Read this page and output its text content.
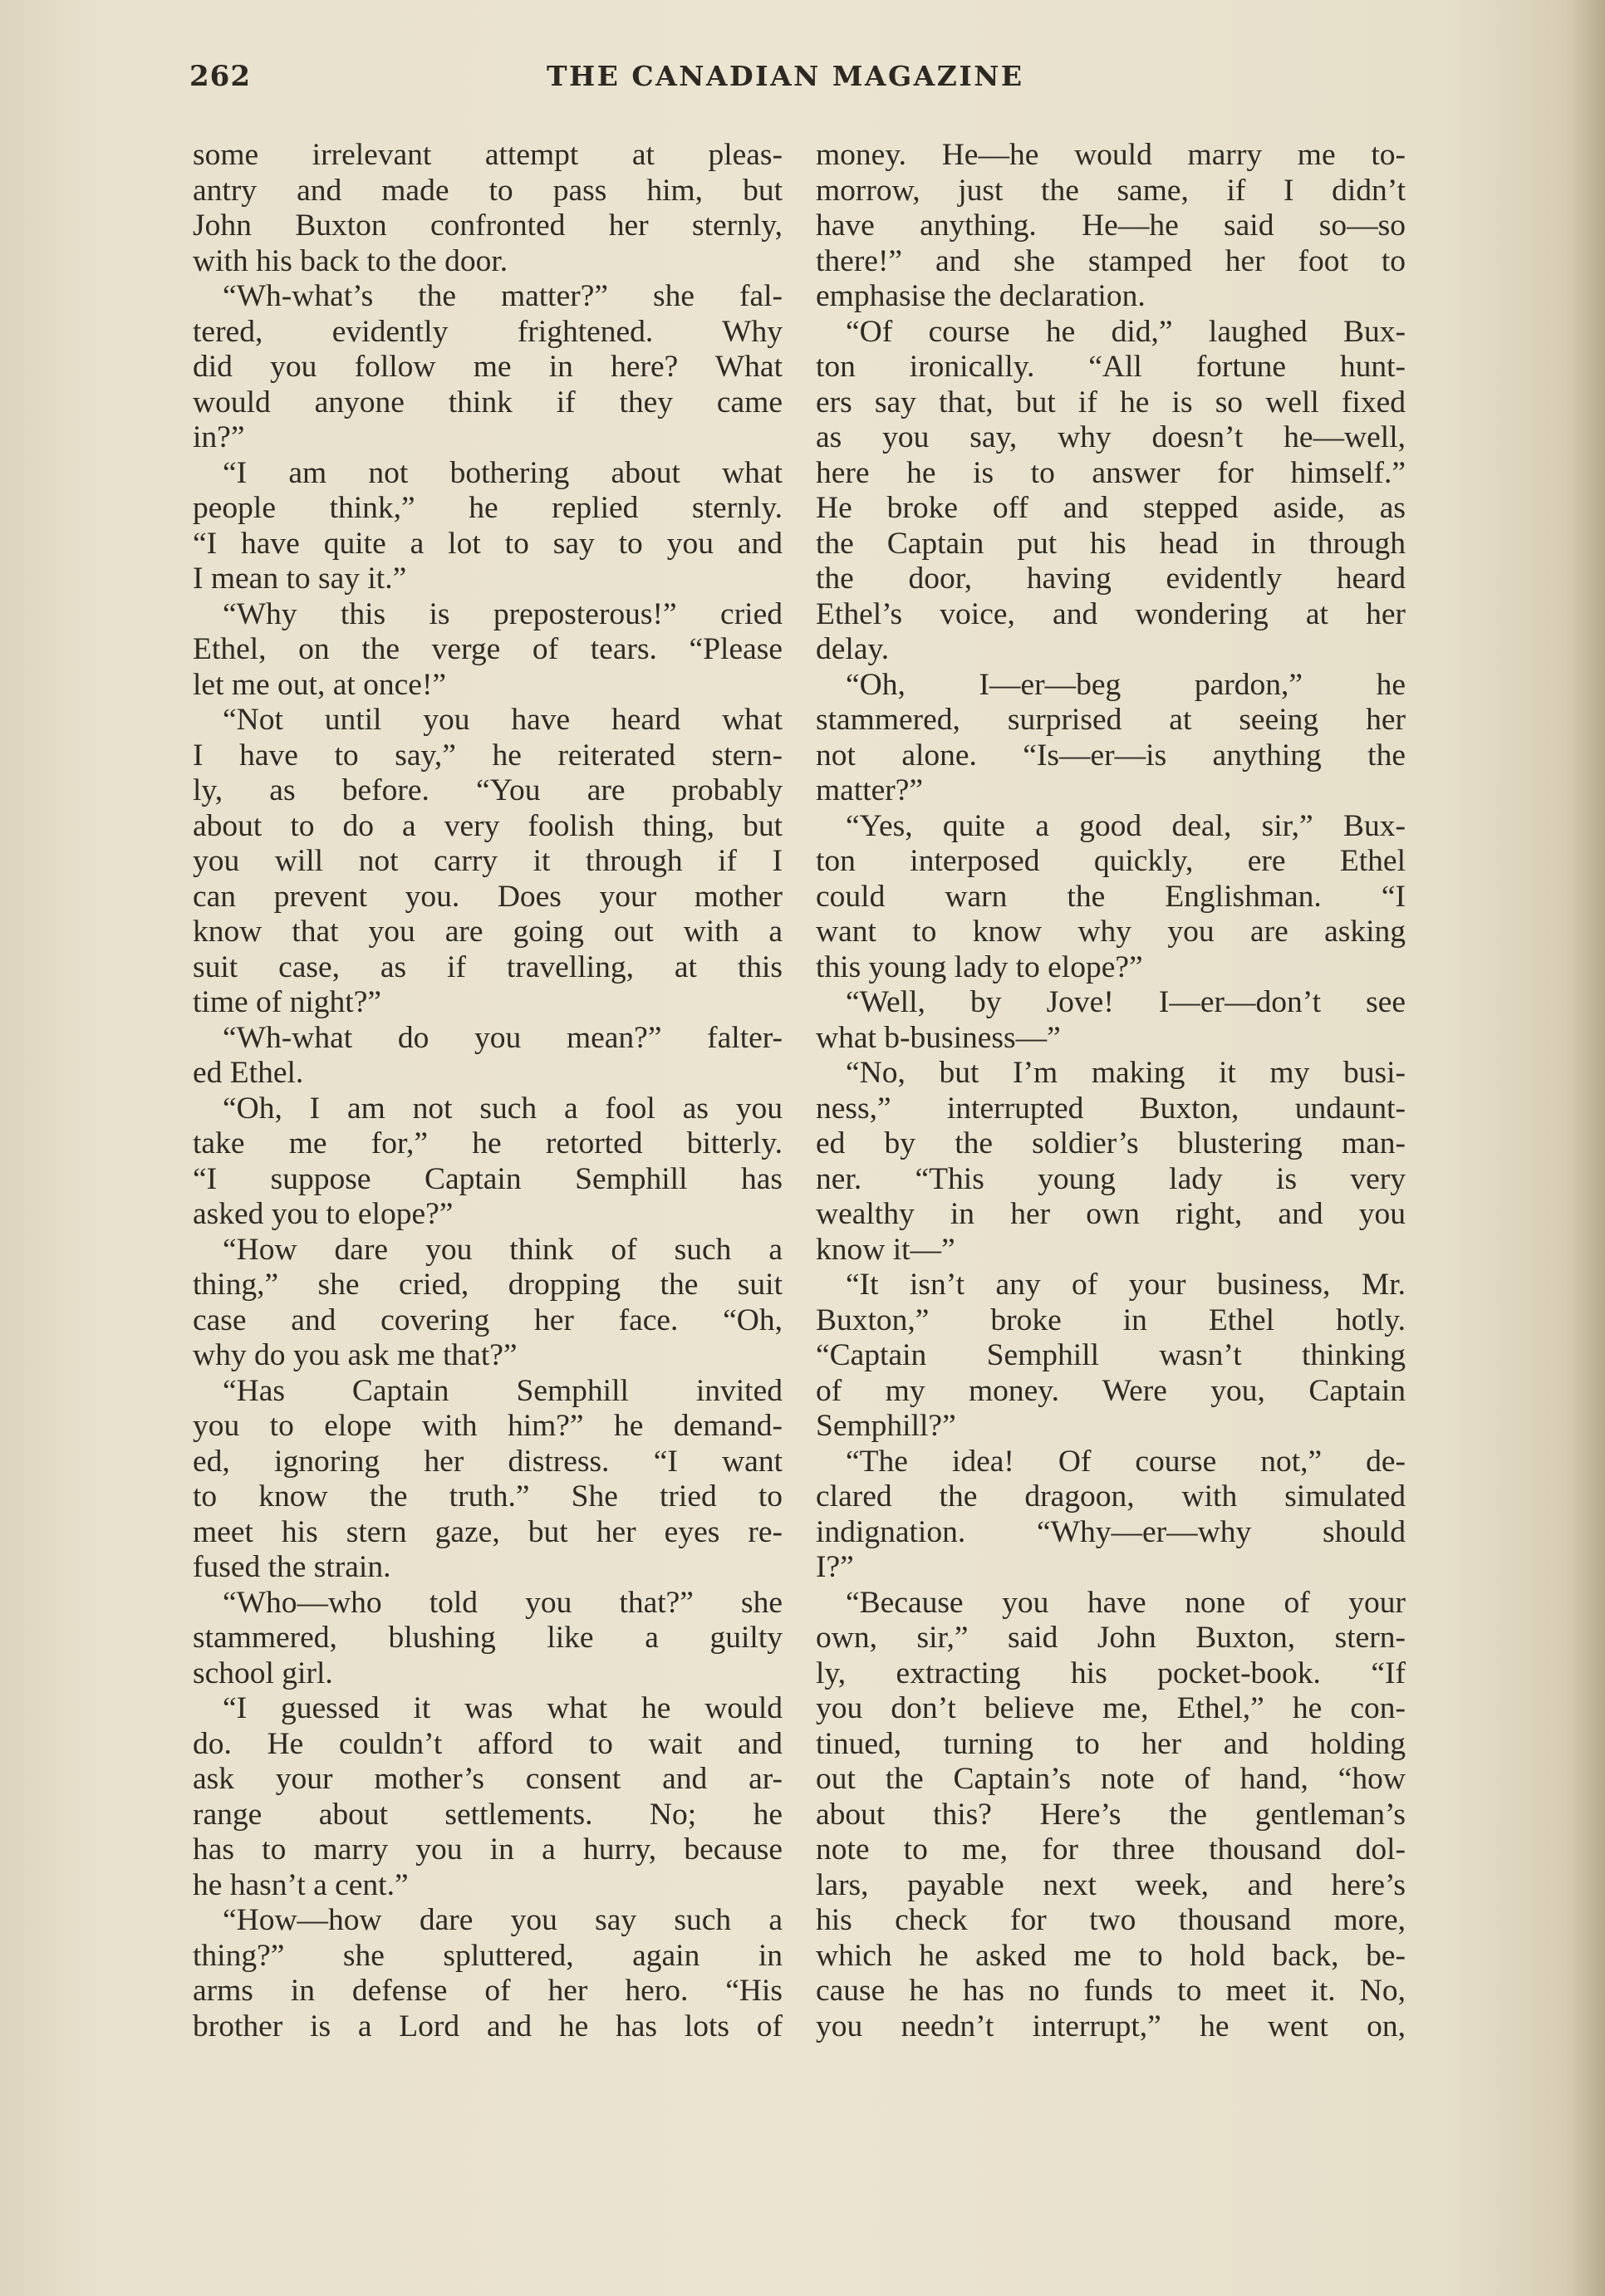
262	THE CANADIAN MAGAZINE
some irrelevant attempt at pleas-
antry and made to pass him, but
John Buxton confronted her sternly,
with his back to the door.
“Wh-what’s the matter?” she fal-
tered, evidently frightened. Why
did you follow me in here? What
would anyone think if they came
in?”
“I am not bothering about what
people think,” he replied sternly.
“I have quite a lot to say to you and
I mean to say it.”
“Why this is preposterous!” cried
Ethel, on the verge of tears. “Please
let me out, at once!”
“Not until you have heard what
I have to say,” he reiterated stern-
ly, as before. “You are probably
about to do a very foolish thing, but
you will not carry it through if I
can prevent you. Does your mother
know that you are going out with a
suit case, as if travelling, at this
time of night?”
“Wh-what do you mean?” falter-
ed Ethel.
“Oh, I am not such a fool as you
take me for,” he retorted bitterly.
“I suppose Captain Semphill has
asked you to elope?”
“How dare you think of such a
thing,” she cried, dropping the suit
case and covering her face. “Oh,
why do you ask me that?”
“Has Captain Semphill invited
you to elope with him?” he demand-
ed, ignoring her distress. “I want
to know the truth.” She tried to
meet his stern gaze, but her eyes re-
fused the strain.
“Who—who told you that?” she
stammered, blushing like a guilty
school girl.
“I guessed it was what he would
do. He couldn’t afford to wait and
ask your mother’s consent and ar-
range about settlements. No; he
has to marry you in a hurry, because
he hasn’t a cent.”
“How—how dare you say such a
thing?” she spluttered, again in
arms in defense of her hero. “His
brother is a Lord and he has lots of
money. He—he would marry me to-
morrow, just the same, if I didn’t
have anything. He—he said so—so
there!” and she stamped her foot to
emphasise the declaration.
“Of course he did,” laughed Bux-
ton ironically. “All fortune hunt-
ers say that, but if he is so well fixed
as you say, why doesn’t he—well,
here he is to answer for himself.”
He broke off and stepped aside, as
the Captain put his head in through
the door, having evidently heard
Ethel’s voice, and wondering at her
delay.
“Oh, I—er—beg pardon,” he
stammered, surprised at seeing her
not alone. “Is—er—is anything the
matter?”
“Yes, quite a good deal, sir,” Bux-
ton interposed quickly, ere Ethel
could warn the Englishman. “I
want to know why you are asking
this young lady to elope?”
“Well, by Jove! I—er—don’t see
what b-business—”
“No, but I’m making it my busi-
ness,” interrupted Buxton, undaunt-
ed by the soldier’s blustering man-
ner. “This young lady is very
wealthy in her own right, and you
know it—”
“It isn’t any of your business, Mr.
Buxton,” broke in Ethel hotly.
“Captain Semphill wasn’t thinking
of my money. Were you, Captain
Semphill?”
“The idea! Of course not,” de-
clared the dragoon, with simulated
indignation. “Why—er—why should
I?”
“Because you have none of your
own, sir,” said John Buxton, stern-
ly, extracting his pocket-book. “If
you don’t believe me, Ethel,” he con-
tinued, turning to her and holding
out the Captain’s note of hand, “how
about this? Here’s the gentleman’s
note to me, for three thousand dol-
lars, payable next week, and here’s
his check for two thousand more,
which he asked me to hold back, be-
cause he has no funds to meet it. No,
you needn’t interrupt,” he went on,
